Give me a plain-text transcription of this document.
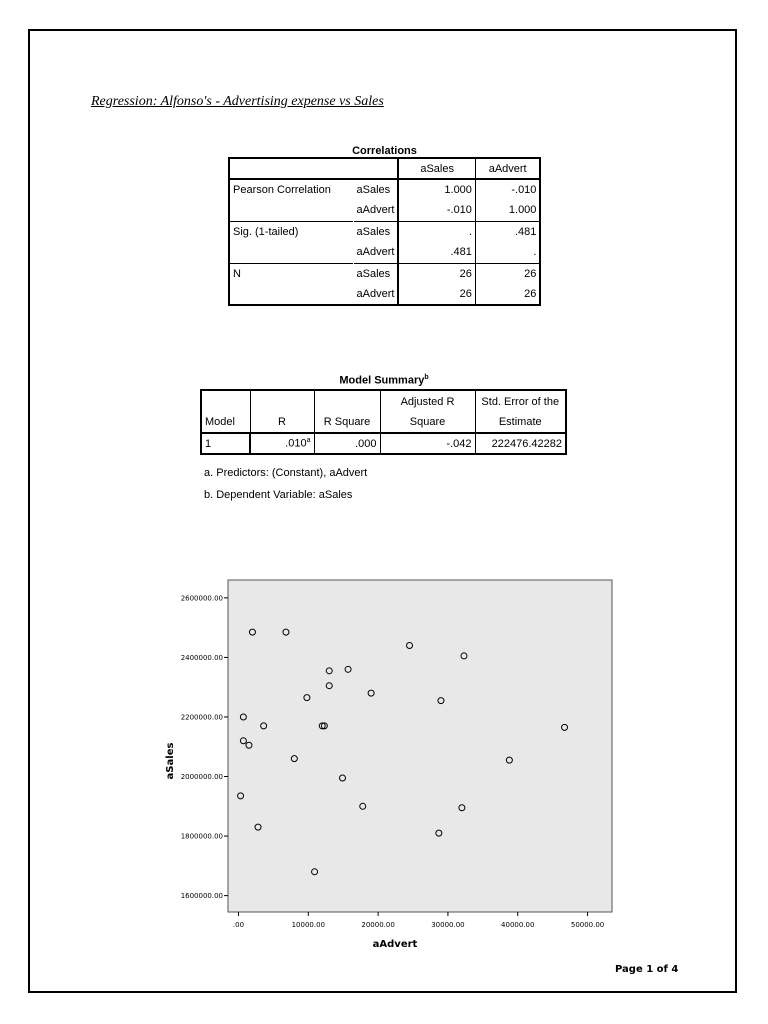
Regression: Alfonso's - Advertising expense vs Sales
Correlations
		aSales	aAdvert
Pearson Correlation	aSales	1.000	-.010
	aAdvert	-.010	1.000
Sig. (1-tailed)	aSales	.	.481
	aAdvert	.481	.
N	aSales	26	26
	aAdvert	26	26
Model Summary$^b$
			Adjusted R	Std. Error of the
Model	R	R Square	Square	Estimate
1	.010$^a$	.000	-.042	222476.42282
a. Predictors: (Constant), aAdvert
b. Dependent Variable: aSales
.00	10000.00	20000.00	30000.00	40000.00	50000.00
1600000.00
1800000.00
2000000.00
2200000.00
2400000.00
2600000.00
aAdvert
aSales
Page 1 of 4
